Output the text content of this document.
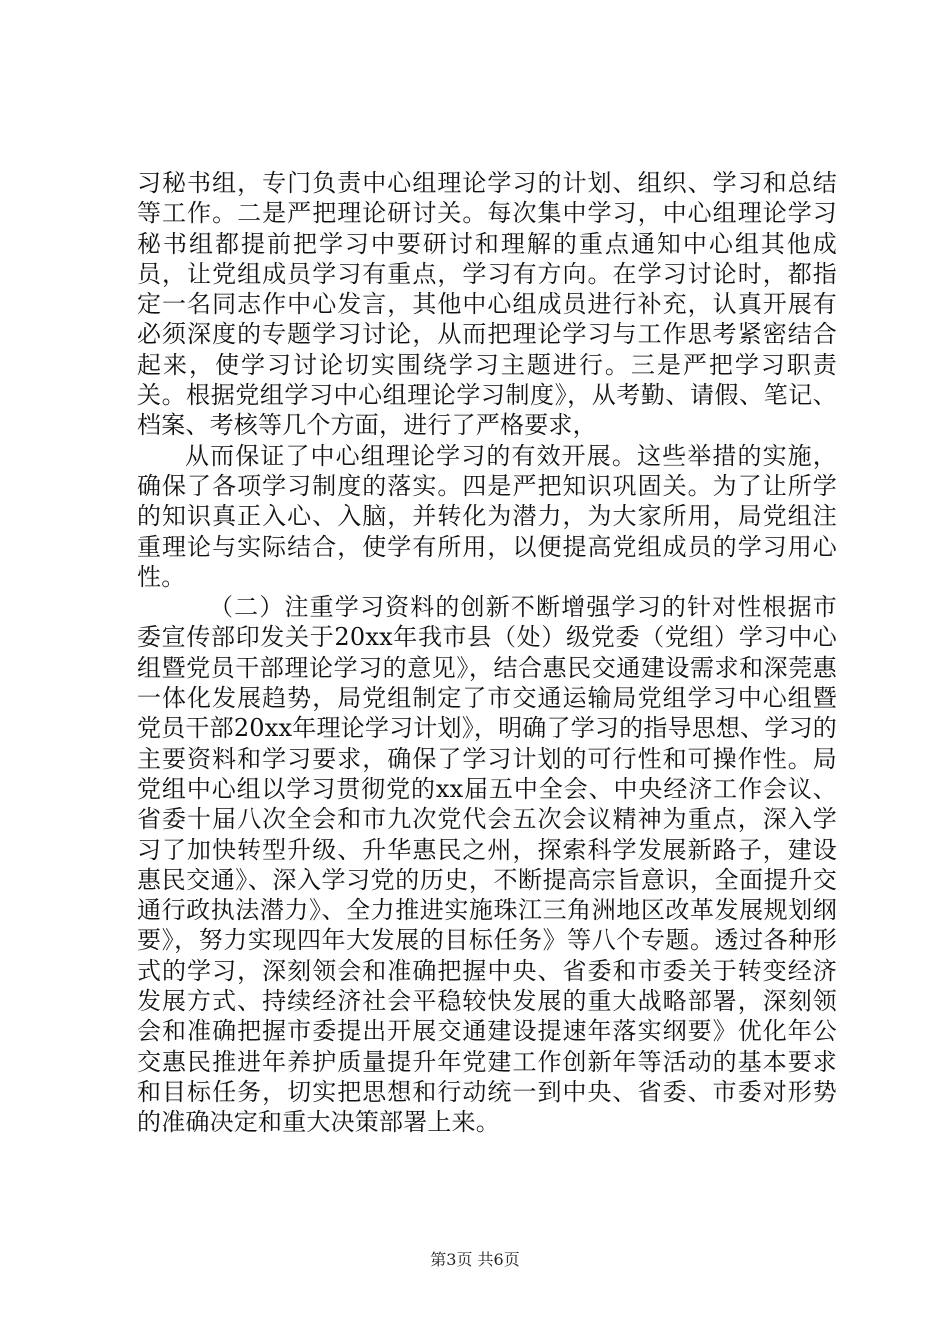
习秘书组，专门负责中心组理论学习的计划、组织、学习和总结等工作。二是严把理论研讨关。每次集中学习，中心组理论学习秘书组都提前把学习中要研讨和理解的重点通知中心组其他成员，让党组成员学习有重点，学习有方向。在学习讨论时，都指定一名同志作中心发言，其他中心组成员进行补充，认真开展有必须深度的专题学习讨论，从而把理论学习与工作思考紧密结合起来，使学习讨论切实围绕学习主题进行。三是严把学习职责关。根据党组学习中心组理论学习制度》，从考勤、请假、笔记、档案、考核等几个方面，进行了严格要求，

从而保证了中心组理论学习的有效开展。这些举措的实施，确保了各项学习制度的落实。四是严把知识巩固关。为了让所学的知识真正入心、入脑，并转化为潜力，为大家所用，局党组注重理论与实际结合，使学有所用，以便提高党组成员的学习用心性。

（二）注重学习资料的创新不断增强学习的针对性根据市委宣传部印发关于20xx年我市县（处）级党委（党组）学习中心组暨党员干部理论学习的意见》，结合惠民交通建设需求和深莞惠一体化发展趋势，局党组制定了市交通运输局党组学习中心组暨党员干部20xx年理论学习计划》，明确了学习的指导思想、学习的主要资料和学习要求，确保了学习计划的可行性和可操作性。局党组中心组以学习贯彻党的xx届五中全会、中央经济工作会议、省委十届八次全会和市九次党代会五次会议精神为重点，深入学习了加快转型升级、升华惠民之州，探索科学发展新路子，建设惠民交通》、深入学习党的历史，不断提高宗旨意识，全面提升交通行政执法潜力》、全力推进实施珠江三角洲地区改革发展规划纲要》，努力实现四年大发展的目标任务》等八个专题。透过各种形式的学习，深刻领会和准确把握中央、省委和市委关于转变经济发展方式、持续经济社会平稳较快发展的重大战略部署，深刻领会和准确把握市委提出开展交通建设提速年落实纲要》优化年公交惠民推进年养护质量提升年党建工作创新年等活动的基本要求和目标任务，切实把思想和行动统一到中央、省委、市委对形势的准确决定和重大决策部署上来。

第3页 共6页
